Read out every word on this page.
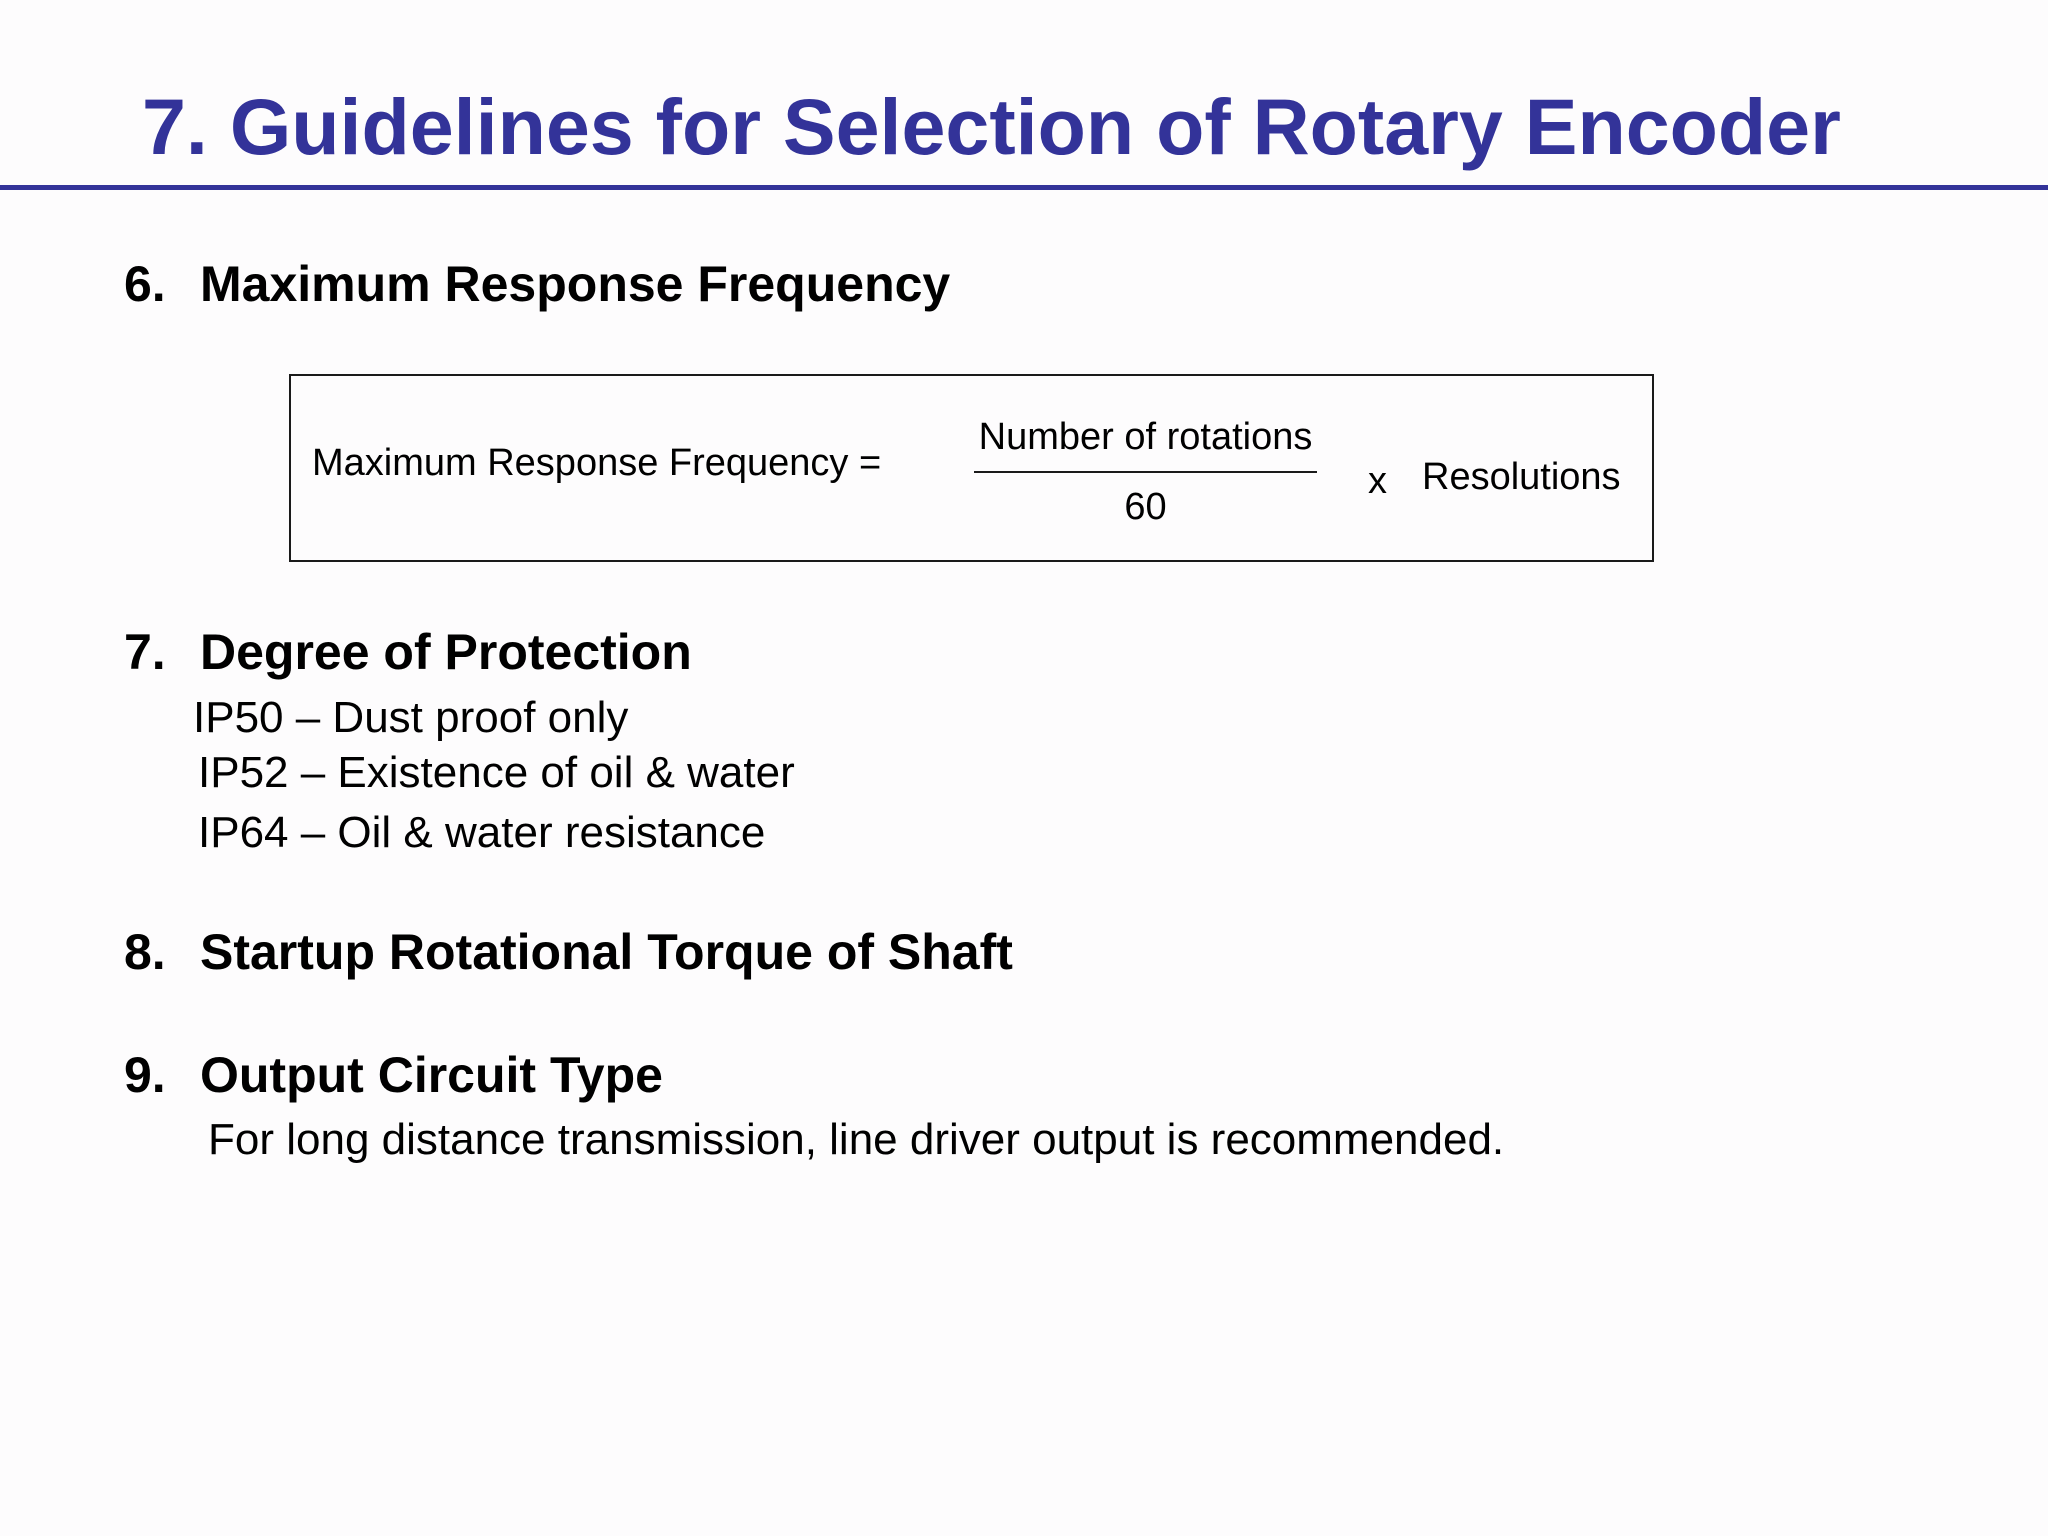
7. Guidelines for Selection of Rotary Encoder
6. Maximum Response Frequency
Maximum Response Frequency =
Number of rotations
60
x Resolutions
7. Degree of Protection

IP50 – Dust proof only

IP52 – Existence of oil & water

IP64 – Oil & water resistance

8. Startup Rotational Torque of Shaft
9. Output Circuit Type

For long distance transmission, line driver output is recommended.
